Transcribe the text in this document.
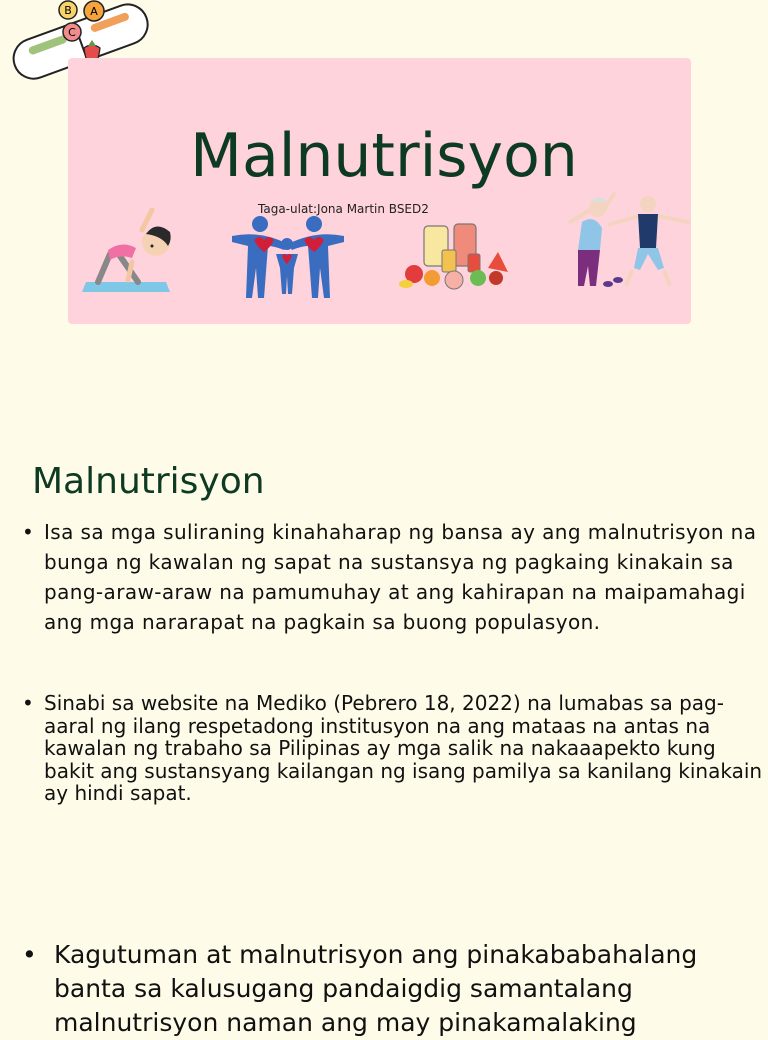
B A
C
Malnutrisyon
Taga-ulat:Jona Martin BSED2
Malnutrisyon
• Isa sa mga suliraning kinahaharap ng bansa ay ang malnutrisyon na bunga ng kawalan ng sapat na sustansya ng pagkaing kinakain sa pang-araw-araw na pamumuhay at ang kahirapan na maipamahagi ang mga nararapat na pagkain sa buong populasyon.
• Sinabi sa website na Mediko (Pebrero 18, 2022) na lumabas sa pag-aaral ng ilang respetadong institusyon na ang mataas na antas na kawalan ng trabaho sa Pilipinas ay mga salik na nakaaapekto kung bakit ang sustansyang kailangan ng isang pamilya sa kanilang kinakain ay hindi sapat.
• Kagutuman at malnutrisyon ang pinakababahalang banta sa kalusugang pandaigdig samantalang malnutrisyon naman ang may pinakamalaking
